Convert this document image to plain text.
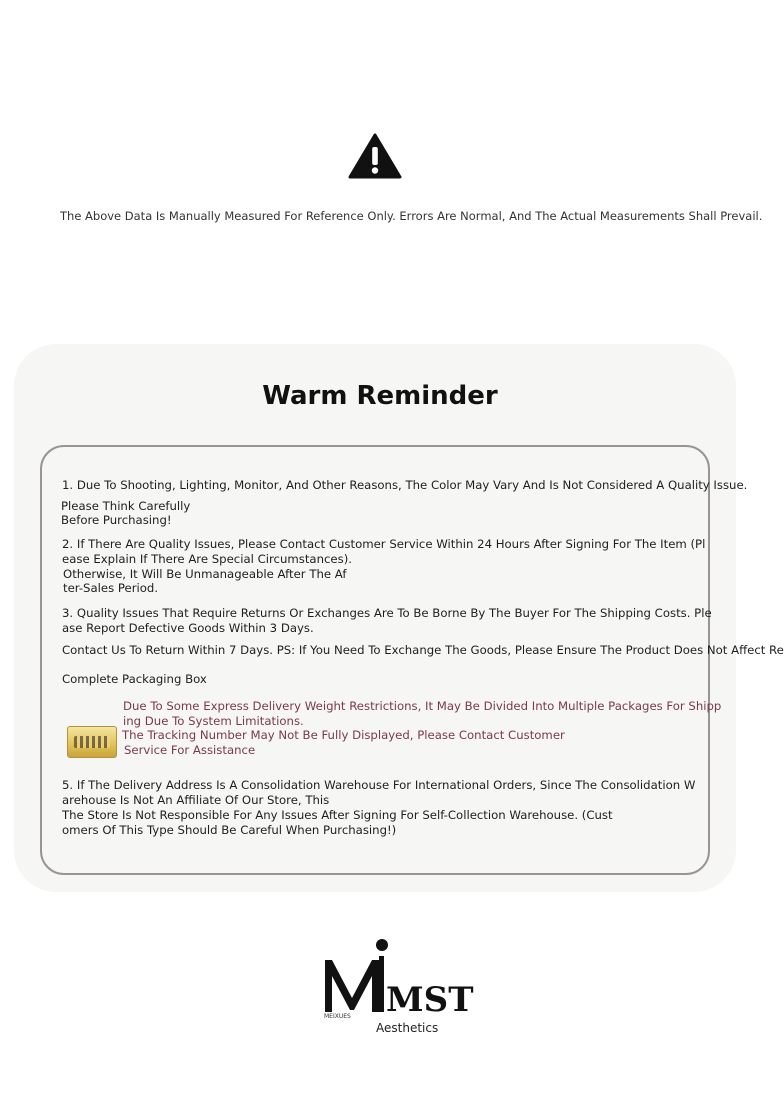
The Above Data Is Manually Measured For Reference Only. Errors Are Normal, And The Actual Measurements Shall Prevail.
Warm Reminder
1. Due To Shooting, Lighting, Monitor, And Other Reasons, The Color May Vary And Is Not Considered A Quality Issue.
Please Think Carefully
Before Purchasing!
2. If There Are Quality Issues, Please Contact Customer Service Within 24 Hours After Signing For The Item (Pl
ease Explain If There Are Special Circumstances).
Otherwise, It Will Be Unmanageable After The Af
ter-Sales Period.
3. Quality Issues That Require Returns Or Exchanges Are To Be Borne By The Buyer For The Shipping Costs. Ple
ase Report Defective Goods Within 3 Days.
Contact Us To Return Within 7 Days. PS: If You Need To Exchange The Goods, Please Ensure The Product Does Not Affect Re
Complete Packaging Box
Due To Some Express Delivery Weight Restrictions, It May Be Divided Into Multiple Packages For Shipp
ing Due To System Limitations.
The Tracking Number May Not Be Fully Displayed, Please Contact Customer
Service For Assistance
5. If The Delivery Address Is A Consolidation Warehouse For International Orders, Since The Consolidation W
arehouse Is Not An Affiliate Of Our Store, This
The Store Is Not Responsible For Any Issues After Signing For Self-Collection Warehouse. (Cust
omers Of This Type Should Be Careful When Purchasing!)
MST
MEIXUES
Aesthetics
